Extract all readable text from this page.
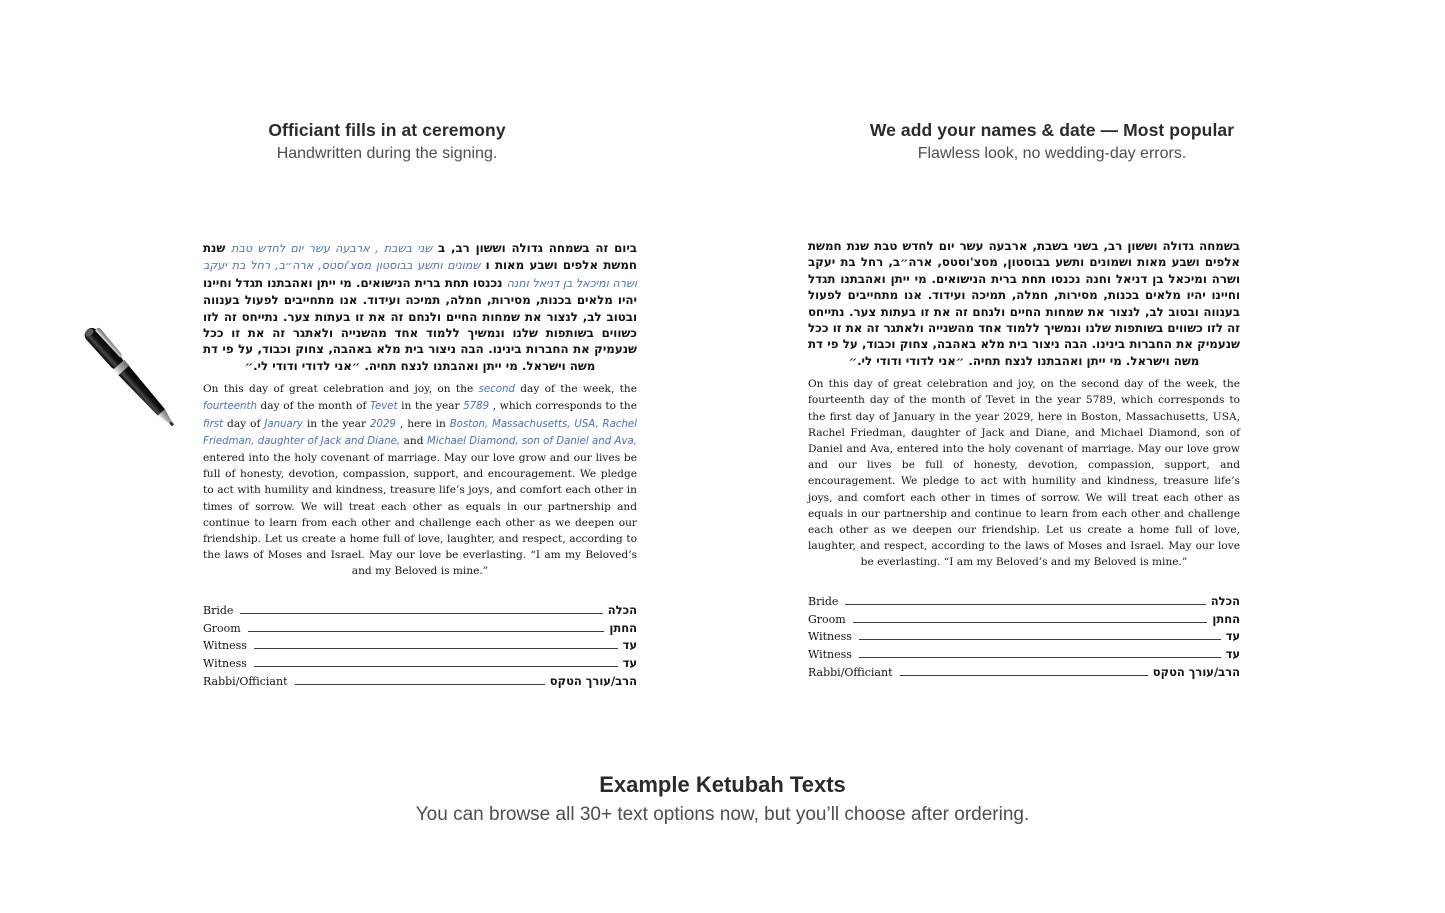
Officiant fills in at ceremony
Handwritten during the signing.
We add your names & date — Most popular
Flawless look, no wedding-day errors.

ביום זה בשמחה גדולה וששון רב, ב שני בשבת , ארבעה עשר יום לחדש טבת שנת חמשת אלפים ושבע מאות ו שמונים ותשע בבוסטון מסצ'וסטס, ארה״ב, רחל בת יעקב ושרה ומיכאל בן דניאל וחנה נכנסו תחת ברית הנישואים. מי ייתן ואהבתנו תגדל וחיינו יהיו מלאים בכנות, מסירות, חמלה, תמיכה ועידוד. אנו מתחייבים לפעול בענווה ובטוב לב, לנצור את שמחות החיים ולנחם זה את זו בעתות צער. נתייחס זה לזו כשווים בשותפות שלנו ונמשיך ללמוד אחד מהשנייה ולאתגר זה את זו ככל שנעמיק את החברות בינינו. הבה ניצור בית מלא באהבה, צחוק וכבוד, על פי דת משה וישראל. מי ייתן ואהבתנו לנצח תחיה. ״אני לדודי ודודי לי.״

On this day of great celebration and joy, on the second day of the week, the fourteenth day of the month of Tevet in the year 5789 , which corresponds to the first day of January in the year 2029 , here in Boston, Massachusetts, USA, Rachel Friedman, daughter of Jack and Diane, and Michael Diamond, son of Daniel and Ava, entered into the holy covenant of marriage. May our love grow and our lives be full of honesty, devotion, compassion, support, and encouragement. We pledge to act with humility and kindness, treasure life’s joys, and comfort each other in times of sorrow. We will treat each other as equals in our partnership and continue to learn from each other and challenge each other as we deepen our friendship. Let us create a home full of love, laughter, and respect, according to the laws of Moses and Israel. May our love be everlasting. “I am my Beloved’s and my Beloved is mine.”

Bride	הכלה
Groom	החתן
Witness	עד
Witness	עד
Rabbi/Officiant	הרב/עורך הטקס

בשמחה גדולה וששון רב, בשני בשבת, ארבעה עשר יום לחדש טבת שנת חמשת אלפים ושבע מאות ושמונים ותשע בבוסטון, מסצ'וסטס, ארה״ב, רחל בת יעקב ושרה ומיכאל בן דניאל וחנה נכנסו תחת ברית הנישואים. מי ייתן ואהבתנו תגדל וחיינו יהיו מלאים בכנות, מסירות, חמלה, תמיכה ועידוד. אנו מתחייבים לפעול בענווה ובטוב לב, לנצור את שמחות החיים ולנחם זה את זו בעתות צער. נתייחס זה לזו כשווים בשותפות שלנו ונמשיך ללמוד אחד מהשנייה ולאתגר זה את זו ככל שנעמיק את החברות בינינו. הבה ניצור בית מלא באהבה, צחוק וכבוד, על פי דת משה וישראל. מי ייתן ואהבתנו לנצח תחיה. ״אני לדודי ודודי לי.״

On this day of great celebration and joy, on the second day of the week, the fourteenth day of the month of Tevet in the year 5789, which corresponds to the first day of January in the year 2029, here in Boston, Massachusetts, USA, Rachel Friedman, daughter of Jack and Diane, and Michael Diamond, son of Daniel and Ava, entered into the holy covenant of marriage. May our love grow and our lives be full of honesty, devotion, compassion, support, and encouragement. We pledge to act with humility and kindness, treasure life’s joys, and comfort each other in times of sorrow. We will treat each other as equals in our partnership and continue to learn from each other and challenge each other as we deepen our friendship. Let us create a home full of love, laughter, and respect, according to the laws of Moses and Israel. May our love be everlasting. “I am my Beloved’s and my Beloved is mine.”

Bride	הכלה
Groom	החתן
Witness	עד
Witness	עד
Rabbi/Officiant	הרב/עורך הטקס
Example Ketubah Texts
You can browse all 30+ text options now, but you’ll choose after ordering.
